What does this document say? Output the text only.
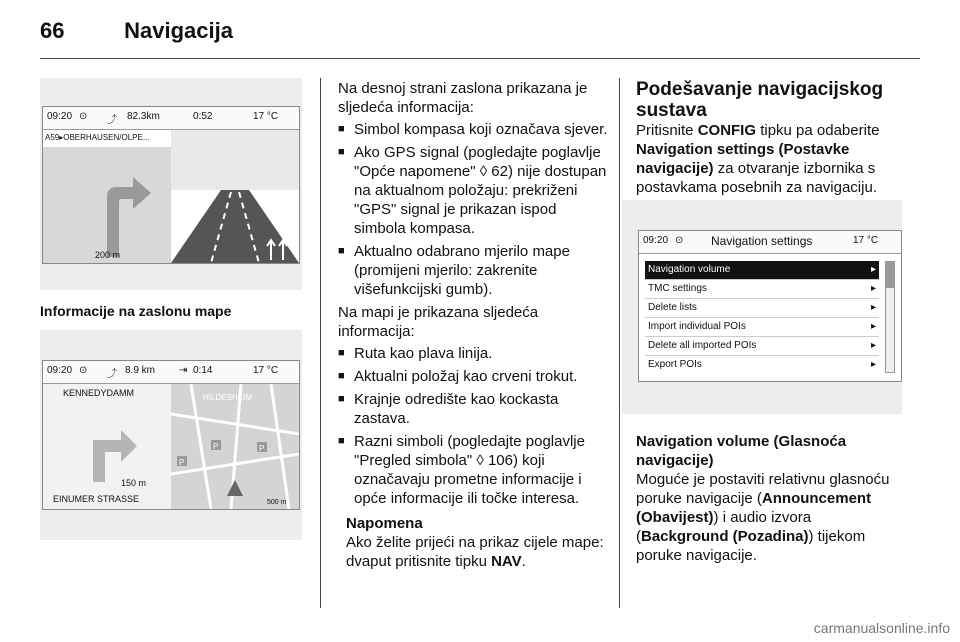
66	Navigacija
09:20 ⊙ ⤴ 82.3km	0:52	17 °C
A59▸OBERHAUSEN/OLPE...
200 m
Informacije na zaslonu mape
09:20 ⊙ ⤴ 8.9 km ⇥ 0:14	17 °C
KENNEDYDAMM
150 m
EINUMER STRASSE
P
P	P
HILDESHEIM
500 m

Na desnoj strani zaslona prikazana je sljedeća informacija:

■ Simbol kompasa koji označava sjever.
■ Ako GPS signal (pogledajte poglavlje "Opće napomene" ◊ 62) nije dostupan na aktualnom položaju: prekriženi "GPS" signal je prikazan ispod simbola kompasa.
■ Aktualno odabrano mjerilo mape (promijeni mjerilo: zakrenite višefunkcijski gumb).

Na mapi je prikazana sljedeća informacija:

■ Ruta kao plava linija.
■ Aktualni položaj kao crveni trokut.
■ Krajnje odredište kao kockasta zastava.
■ Razni simboli (pogledajte poglavlje "Pregled simbola" ◊ 106) koji označavaju prometne informacije i opće informacije ili točke interesa.
Napomena
Ako želite prijeći na prikaz cijele mape: dvaput pritisnite tipku NAV.
Podešavanje navigacijskog sustava

Pritisnite CONFIG tipku pa odaberite Navigation settings (Postavke navigacije) za otvaranje izbornika s postavkama posebnih za navigaciju.

09:20 ⊙ Navigation settings	17 °C
Navigation volume	▸
TMC settings	▸
Delete lists	▸
Import individual POIs	▸
Delete all imported POIs	▸
Export POIs	▸
Navigation volume (Glasnoća navigacije)

Moguće je postaviti relativnu glasnoću poruke navigacije (Announcement (Obavijest)) i audio izvora (Background (Pozadina)) tijekom poruke navigacije.

carmanualsonline.info
